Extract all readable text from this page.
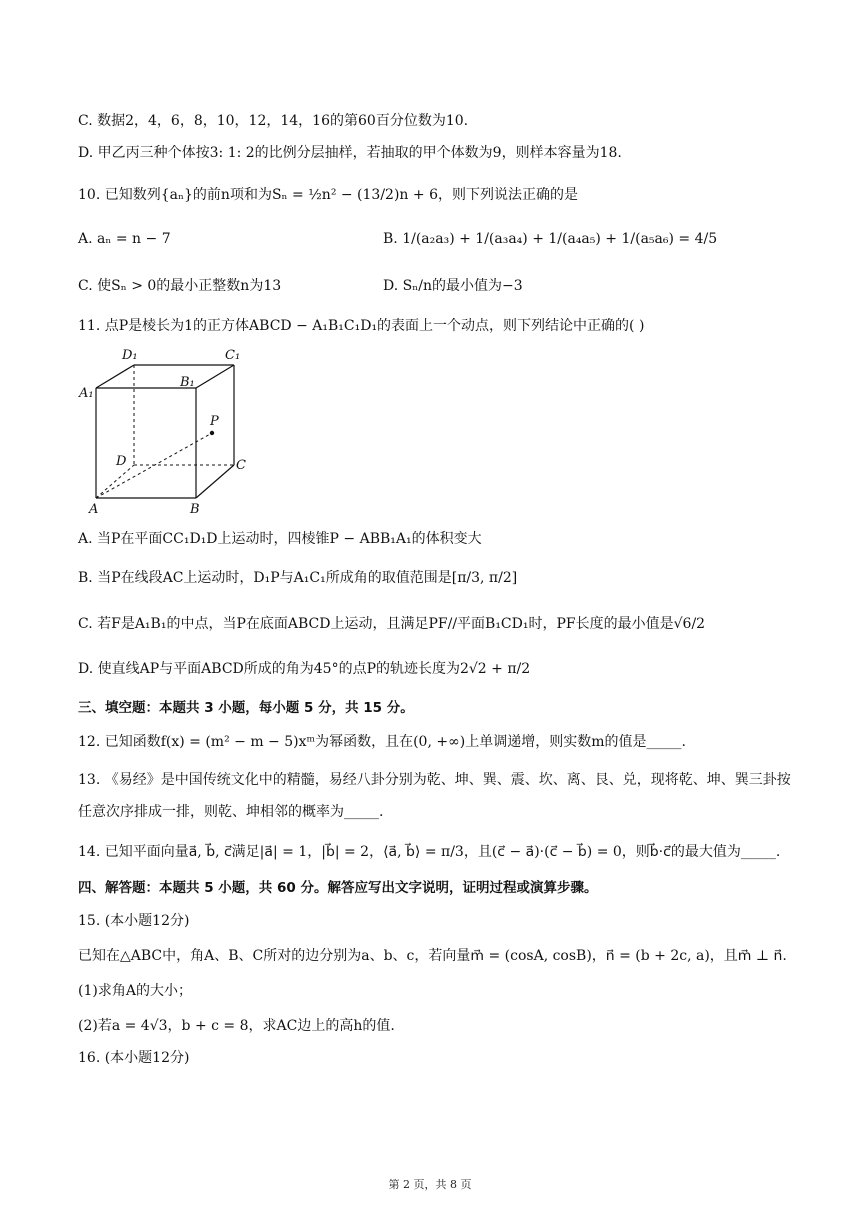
C. 数据2，4，6，8，10，12，14，16的第60百分位数为10.
D. 甲乙丙三种个体按3: 1: 2的比例分层抽样，若抽取的甲个体数为9，则样本容量为18.
10. 已知数列{aₙ}的前n项和为Sₙ = ½n² − (13/2)n + 6，则下列说法正确的是
A. aₙ = n − 7	B. 1/(a₂a₃) + 1/(a₃a₄) + 1/(a₄a₅) + 1/(a₅a₆) = 4/5
C. 使Sₙ > 0的最小正整数n为13	D. Sₙ/n的最小值为−3
11. 点P是棱长为1的正方体ABCD − A₁B₁C₁D₁的表面上一个动点，则下列结论中正确的( )
D₁	C₁
A₁
B₁
P
D	C
A	B
A. 当P在平面CC₁D₁D上运动时，四棱锥P − ABB₁A₁的体积变大
B. 当P在线段AC上运动时，D₁P与A₁C₁所成角的取值范围是[π/3, π/2]
C. 若F是A₁B₁的中点，当P在底面ABCD上运动，且满足PF//平面B₁CD₁时，PF长度的最小值是√6/2
D. 使直线AP与平面ABCD所成的角为45°的点P的轨迹长度为2√2 + π/2
三、填空题：本题共 3 小题，每小题 5 分，共 15 分。
12. 已知函数f(x) = (m² − m − 5)xᵐ为幂函数，且在(0, +∞)上单调递增，则实数m的值是_____.
13. 《易经》是中国传统文化中的精髓，易经八卦分别为乾、坤、巽、震、坎、离、艮、兑，现将乾、坤、巽三卦按
任意次序排成一排，则乾、坤相邻的概率为_____.
14. 已知平面向量a⃗, b⃗, c⃗满足|a⃗| = 1，|b⃗| = 2，⟨a⃗, b⃗⟩ = π/3，且(c⃗ − a⃗)·(c⃗ − b⃗) = 0，则b⃗·c⃗的最大值为_____.
四、解答题：本题共 5 小题，共 60 分。解答应写出文字说明，证明过程或演算步骤。
15. (本小题12分)
已知在△ABC中，角A、B、C所对的边分别为a、b、c，若向量m⃗ = (cosA, cosB)，n⃗ = (b + 2c, a)，且m⃗ ⊥ n⃗.
(1)求角A的大小；
(2)若a = 4√3，b + c = 8，求AC边上的高h的值.
16. (本小题12分)
第 2 页，共 8 页
